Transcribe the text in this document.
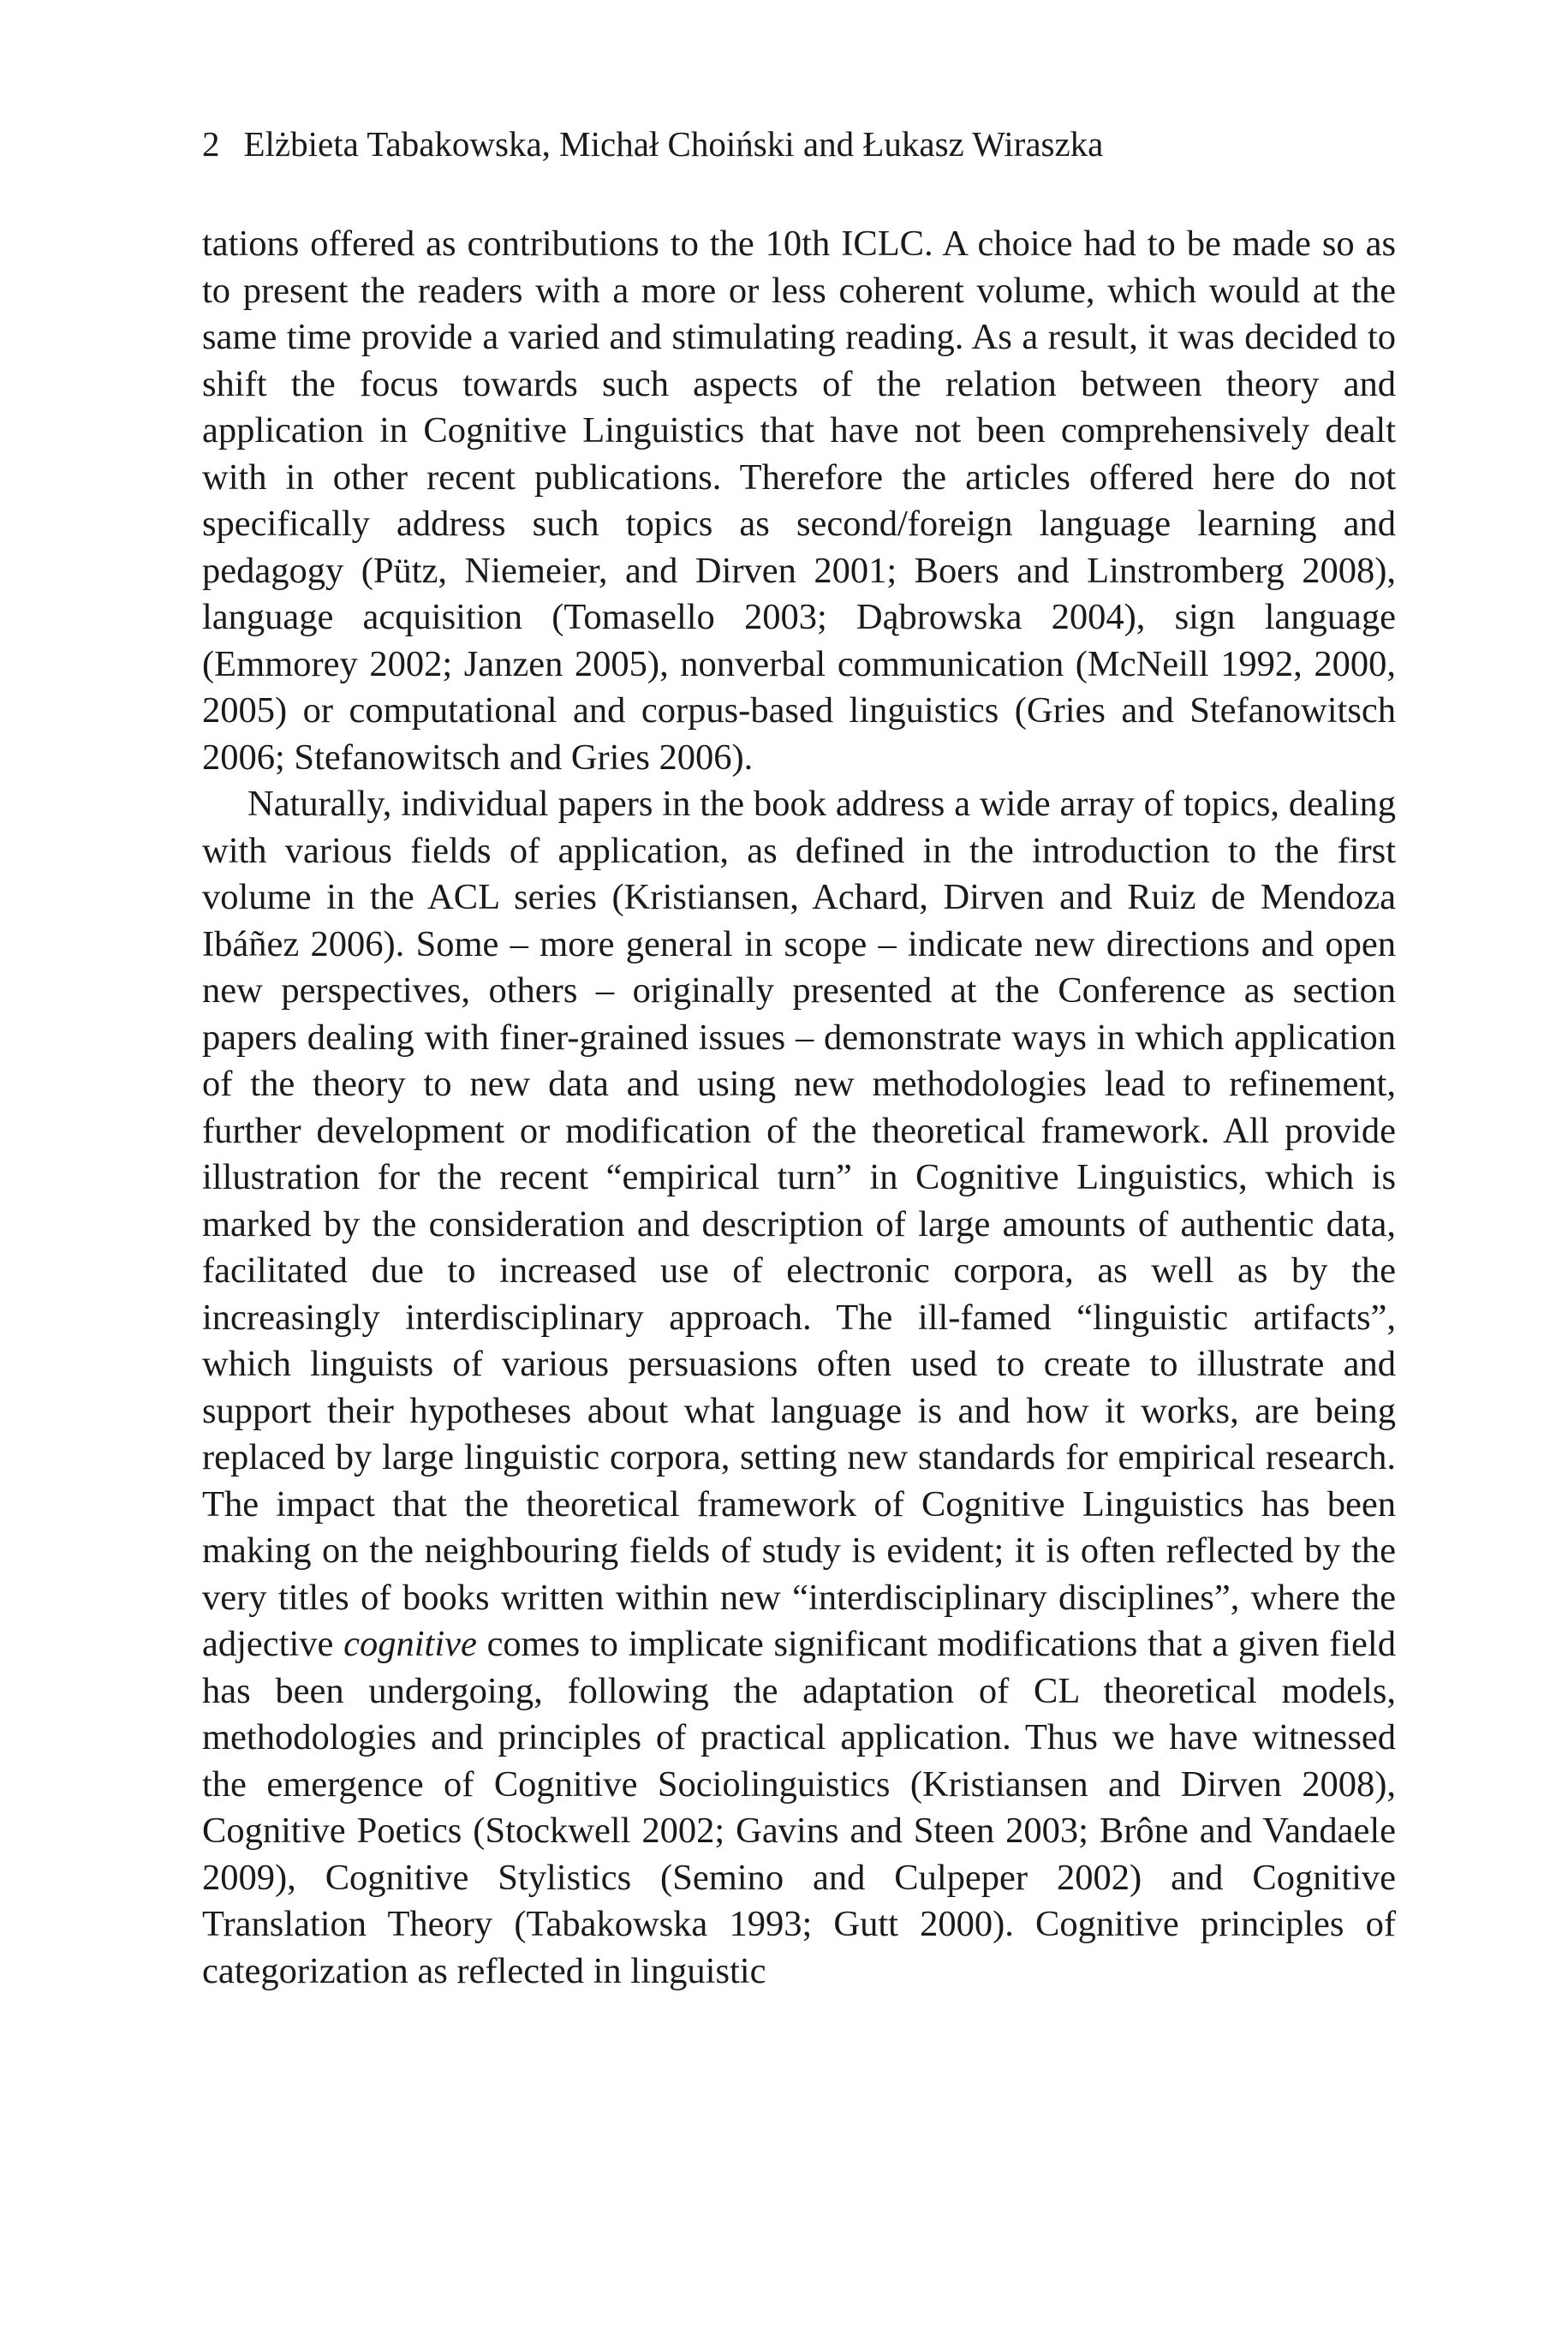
2 Elżbieta Tabakowska, Michał Choiński and Łukasz Wiraszka

tations offered as contributions to the 10th ICLC. A choice had to be made so as to present the readers with a more or less coherent volume, which would at the same time provide a varied and stimulating reading. As a result, it was decided to shift the focus towards such aspects of the relation between theory and application in Cognitive Linguistics that have not been comprehensively dealt with in other recent publications. Therefore the articles offered here do not specifically address such topics as second/foreign language learning and pedagogy (Pütz, Niemeier, and Dirven 2001; Boers and Linstromberg 2008), language acquisition (Tomasello 2003; Dąbrowska 2004), sign language (Emmorey 2002; Janzen 2005), nonverbal communication (McNeill 1992, 2000, 2005) or computational and corpus-based linguistics (Gries and Stefanowitsch 2006; Stefanowitsch and Gries 2006).

Naturally, individual papers in the book address a wide array of topics, dealing with various fields of application, as defined in the introduction to the first volume in the ACL series (Kristiansen, Achard, Dirven and Ruiz de Mendoza Ibáñez 2006). Some – more general in scope – indicate new directions and open new perspectives, others – originally presented at the Conference as section papers dealing with finer-grained issues – demonstrate ways in which application of the theory to new data and using new methodologies lead to refinement, further development or modification of the theoretical framework. All provide illustration for the recent “empirical turn” in Cognitive Linguistics, which is marked by the consideration and description of large amounts of authentic data, facilitated due to increased use of electronic corpora, as well as by the increasingly interdisciplinary approach. The ill-famed “linguistic artifacts”, which linguists of various persuasions often used to create to illustrate and support their hypotheses about what language is and how it works, are being replaced by large linguistic corpora, setting new standards for empirical research. The impact that the theoretical framework of Cognitive Linguistics has been making on the neighbouring fields of study is evident; it is often reflected by the very titles of books written within new “interdisciplinary disciplines”, where the adjective cognitive comes to implicate significant modifications that a given field has been undergoing, following the adaptation of CL theoretical models, methodologies and principles of practical application. Thus we have witnessed the emergence of Cognitive Sociolinguistics (Kristiansen and Dirven 2008), Cognitive Poetics (Stockwell 2002; Gavins and Steen 2003; Brône and Vandaele 2009), Cognitive Stylistics (Semino and Culpeper 2002) and Cognitive Translation Theory (Tabakowska 1993; Gutt 2000). Cognitive principles of categorization as reflected in linguistic
